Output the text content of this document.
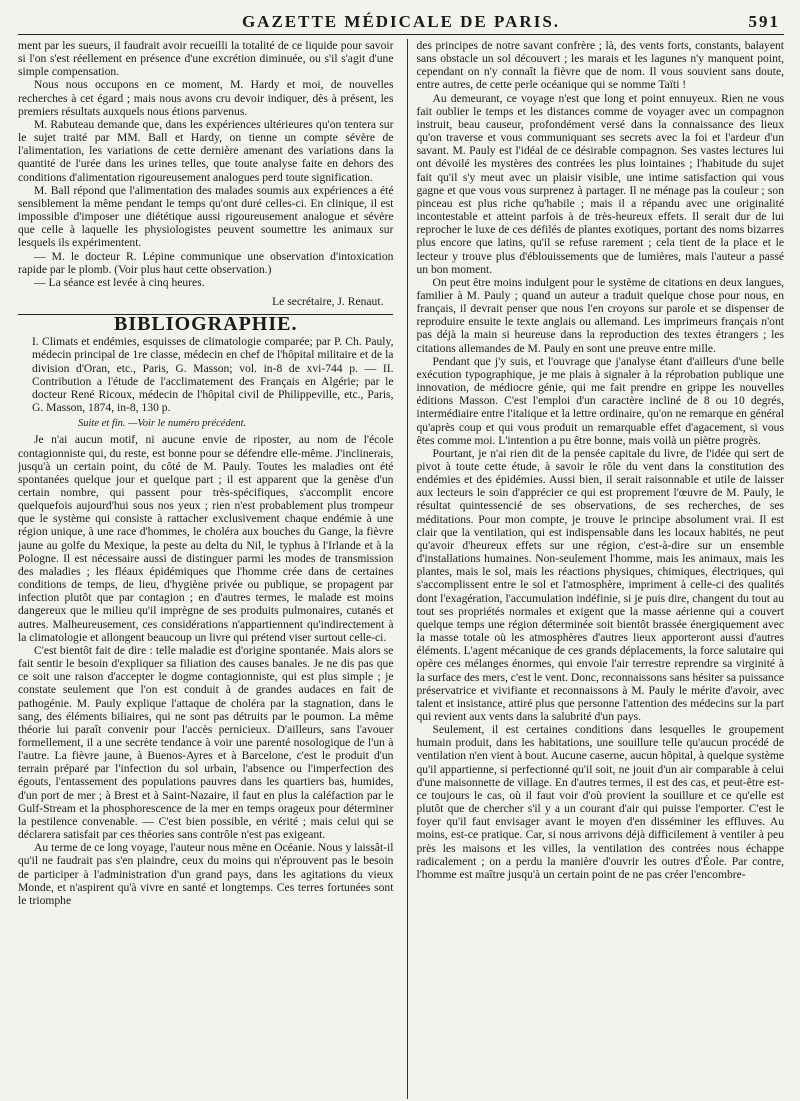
GAZETTE MÉDICALE DE PARIS.	591

ment par les sueurs, il faudrait avoir recueilli la totalité de ce liquide pour savoir si l'on s'est réellement en présence d'une excrétion diminuée, ou s'il s'agit d'une simple compensation.

Nous nous occupons en ce moment, M. Hardy et moi, de nouvelles recherches à cet égard ; mais nous avons cru devoir indiquer, dès à présent, les premiers résultats auxquels nous étions parvenus.

M. Rabuteau demande que, dans les expériences ultérieures qu'on tentera sur le sujet traité par MM. Ball et Hardy, on tienne un compte sévère de l'alimentation, les variations de cette dernière amenant des variations dans la quantité de l'urée dans les urines telles, que toute analyse faite en dehors des conditions d'alimentation rigoureusement analogues perd toute signification.

M. Ball répond que l'alimentation des malades soumis aux expériences a été sensiblement la même pendant le temps qu'ont duré celles-ci. En clinique, il est impossible d'imposer une diététique aussi rigoureusement analogue et sévère que celle à laquelle les physiologistes peuvent soumettre les animaux sur lesquels ils expérimentent.

— M. le docteur R. Lépine communique une observation d'intoxication rapide par le plomb. (Voir plus haut cette observation.)

— La séance est levée à cinq heures.

Le secrétaire, J. Renaut.

BIBLIOGRAPHIE.

I. Climats et endémies, esquisses de climatologie comparée; par P. Ch. Pauly, médecin principal de 1re classe, médecin en chef de l'hôpital militaire et de la division d'Oran, etc., Paris, G. Masson; vol. in-8 de xvi-744 p. — II. Contribution a l'étude de l'acclimatement des Français en Algérie; par le docteur René Ricoux, médecin de l'hôpital civil de Philippeville, etc., Paris, G. Masson, 1874, in-8, 130 p.

Suite et fin. —Voir le numéro précédent.

Je n'ai aucun motif, ni aucune envie de riposter, au nom de l'école contagionniste qui, du reste, est bonne pour se défendre elle-même. J'inclinerais, jusqu'à un certain point, du côté de M. Pauly. Toutes les maladies ont été spontanées quelque jour et quelque part ; il est apparent que la genèse d'un certain nombre, qui passent pour très-spécifiques, s'accomplit encore quelquefois aujourd'hui sous nos yeux ; rien n'est probablement plus trompeur que le système qui consiste à rattacher exclusivement chaque endémie à une région unique, à une race d'hommes, le choléra aux bouches du Gange, la fièvre jaune au golfe du Mexique, la peste au delta du Nil, le typhus à l'Irlande et à la Pologne. Il est nécessaire aussi de distinguer parmi les modes de transmission des maladies ; les fléaux épidémiques que l'homme crée dans de certaines conditions de temps, de lieu, d'hygiène privée ou publique, se propagent par infection plutôt que par contagion ; en d'autres termes, le malade est moins dangereux que le milieu qu'il imprègne de ses produits pulmonaires, cutanés et autres. Malheureusement, ces considérations n'appartiennent qu'indirectement à la climatologie et allongent beaucoup un livre qui prétend viser surtout celle-ci.

C'est bientôt fait de dire : telle maladie est d'origine spontanée. Mais alors se fait sentir le besoin d'expliquer sa filiation des causes banales. Je ne dis pas que ce soit une raison d'accepter le dogme contagionniste, qui est plus simple ; je constate seulement que l'on est conduit à de grandes audaces en fait de pathogénie. M. Pauly explique l'attaque de choléra par la stagnation, dans le sang, des éléments biliaires, qui ne sont pas détruits par le poumon. La même théorie lui paraît convenir pour l'accès pernicieux. D'ailleurs, sans l'avouer formellement, il a une secrète tendance à voir une parenté nosologique de l'un à l'autre. La fièvre jaune, à Buenos-Ayres et à Barcelone, c'est le produit d'un terrain préparé par l'infection du sol urbain, l'absence ou l'imperfection des égouts, l'entassement des populations pauvres dans les quartiers bas, humides, d'un port de mer ; à Brest et à Saint-Nazaire, il faut en plus la caléfaction par le Gulf-Stream et la phosphorescence de la mer en temps orageux pour déterminer la pestilence convenable. — C'est bien possible, en vérité ; mais celui qui se déclarera satisfait par ces théories sans contrôle n'est pas exigeant.

Au terme de ce long voyage, l'auteur nous mène en Océanie. Nous y laissât-il qu'il ne faudrait pas s'en plaindre, ceux du moins qui n'éprouvent pas le besoin de participer à l'administration d'un grand pays, dans les agitations du vieux Monde, et n'aspirent qu'à vivre en santé et longtemps. Ces terres fortunées sont le triomphe

des principes de notre savant confrère ; là, des vents forts, constants, balayent sans obstacle un sol découvert ; les marais et les lagunes n'y manquent point, cependant on n'y connaît la fièvre que de nom. Il vous souvient sans doute, entre autres, de cette perle océanique qui se nomme Taïti !

Au demeurant, ce voyage n'est que long et point ennuyeux. Rien ne vous fait oublier le temps et les distances comme de voyager avec un compagnon instruit, beau causeur, profondément versé dans la connaissance des lieux qu'on traverse et vous communiquant ses secrets avec la foi et l'ardeur d'un savant. M. Pauly est l'idéal de ce désirable compagnon. Ses vastes lectures lui ont dévoilé les mystères des contrées les plus lointaines ; l'habitude du sujet fait qu'il s'y meut avec un plaisir visible, une intime satisfaction qui vous gagne et que vous vous surprenez à partager. Il ne ménage pas la couleur ; son pinceau est plus riche qu'habile ; mais il a répandu avec une originalité incontestable et atteint parfois à de très-heureux effets. Il serait dur de lui reprocher le luxe de ces défilés de plantes exotiques, portant des noms bizarres plus encore que latins, qu'il se refuse rarement ; cela tient de la place et le lecteur y trouve plus d'éblouissements que de lumières, mais l'auteur a passé un bon moment.

On peut être moins indulgent pour le système de citations en deux langues, familier à M. Pauly ; quand un auteur a traduit quelque chose pour nous, en français, il devrait penser que nous l'en croyons sur parole et se dispenser de reproduire ensuite le texte anglais ou allemand. Les imprimeurs français n'ont pas déjà la main si heureuse dans la reproduction des textes étrangers ; les citations allemandes de M. Pauly en sont une preuve entre mille.

Pendant que j'y suis, et l'ouvrage que j'analyse étant d'ailleurs d'une belle exécution typographique, je me plais à signaler à la réprobation publique une innovation, de médiocre génie, qui me fait prendre en grippe les nouvelles éditions Masson. C'est l'emploi d'un caractère incliné de 8 ou 10 degrés, intermédiaire entre l'italique et la lettre ordinaire, qu'on ne remarque en général qu'après coup et qui vous produit un remarquable effet d'agacement, si vous êtes comme moi. L'intention a pu être bonne, mais voilà un piètre progrès.

Pourtant, je n'ai rien dit de la pensée capitale du livre, de l'idée qui sert de pivot à toute cette étude, à savoir le rôle du vent dans la constitution des endémies et des épidémies. Aussi bien, il serait raisonnable et utile de laisser aux lecteurs le soin d'apprécier ce qui est proprement l'œuvre de M. Pauly, le résultat quintessencié de ses observations, de ses recherches, de ses méditations. Pour mon compte, je trouve le principe absolument vrai. Il est clair que la ventilation, qui est indispensable dans les locaux habités, ne peut qu'avoir d'heureux effets sur une région, c'est-à-dire sur un ensemble d'installations humaines. Non-seulement l'homme, mais les animaux, mais les plantes, mais le sol, mais les réactions physiques, chimiques, électriques, qui s'accomplissent entre le sol et l'atmosphère, impriment à celle-ci des qualités dont l'exagération, l'accumulation indéfinie, si je puis dire, changent du tout au tout ses propriétés normales et exigent que la masse aérienne qui a couvert quelque temps une région déterminée soit bientôt brassée énergiquement avec la masse totale où les atmosphères d'autres lieux apporteront aussi d'autres éléments. L'agent mécanique de ces grands déplacements, la force salutaire qui opère ces mélanges énormes, qui envoie l'air terrestre reprendre sa virginité à la surface des mers, c'est le vent. Donc, reconnaissons sans hésiter sa puissance préservatrice et vivifiante et reconnaissons à M. Pauly le mérite d'avoir, avec talent et insistance, attiré plus que personne l'attention des médecins sur la part qui revient aux vents dans la salubrité d'un pays.

Seulement, il est certaines conditions dans lesquelles le groupement humain produit, dans les habitations, une souillure telle qu'aucun procédé de ventilation n'en vient à bout. Aucune caserne, aucun hôpital, à quelque système qu'il appartienne, si perfectionné qu'il soit, ne jouit d'un air comparable à celui d'une maisonnette de village. En d'autres termes, il est des cas, et peut-être est-ce toujours le cas, où il faut voir d'où provient la souillure et ce qu'elle est plutôt que de chercher s'il y a un courant d'air qui puisse l'emporter. C'est le foyer qu'il faut envisager avant le moyen d'en disséminer les effluves. Au moins, est-ce pratique. Car, si nous arrivons déjà difficilement à ventiler à peu près les maisons et les villes, la ventilation des contrées nous échappe radicalement ; on a perdu la manière d'ouvrir les outres d'Éole. Par contre, l'homme est maître jusqu'à un certain point de ne pas créer l'encombre-
